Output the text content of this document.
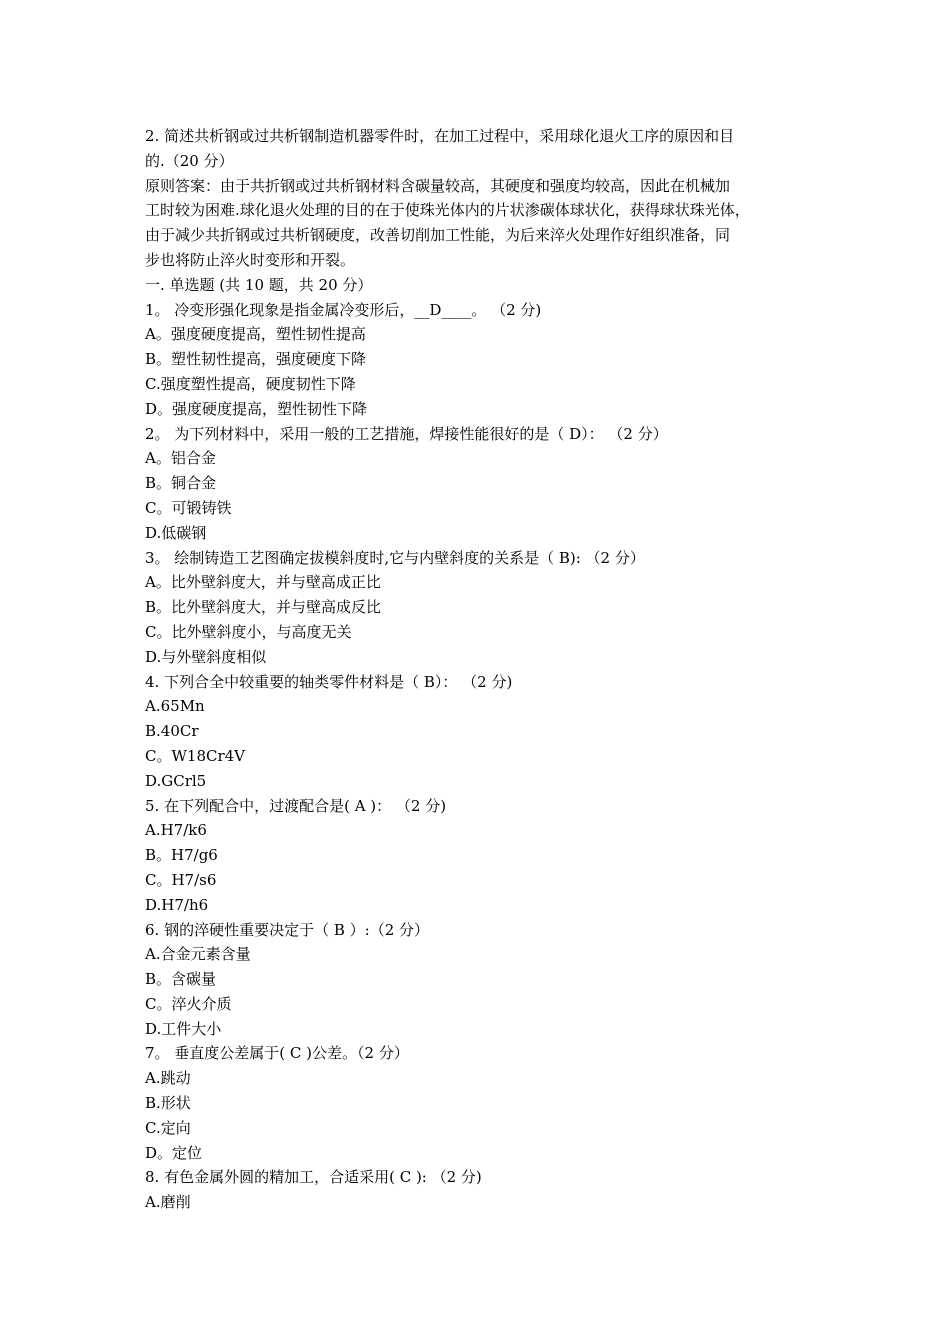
2. 简述共析钢或过共析钢制造机器零件时，在加工过程中，采用球化退火工序的原因和目
的.（20 分）
原则答案：由于共折钢或过共析钢材料含碳量较高，其硬度和强度均较高，因此在机械加
工时较为困难.球化退火处理的目的在于使珠光体内的片状渗碳体球状化，获得球状珠光体，
由于减少共折钢或过共析钢硬度，改善切削加工性能，为后来淬火处理作好组织准备，同
步也将防止淬火时变形和开裂。
一. 单选题 (共 10 题，共 20 分）
1。 冷变形强化现象是指金属冷变形后，__D____。 （2 分)
A。强度硬度提高，塑性韧性提高
B。塑性韧性提高，强度硬度下降
C.强度塑性提高，硬度韧性下降
D。强度硬度提高，塑性韧性下降
2。 为下列材料中，采用一般的工艺措施，焊接性能很好的是（ D）： （2 分）
A。铝合金
B。铜合金
C。可锻铸铁
D.低碳钢
3。 绘制铸造工艺图确定拔模斜度时,它与内壁斜度的关系是（ B): （2 分）
A。比外壁斜度大，并与壁高成正比
B。比外壁斜度大，并与壁高成反比
C。比外壁斜度小，与高度无关
D.与外壁斜度相似
4. 下列合全中较重要的轴类零件材料是（ B）： （2 分)
A.65Mn
B.40Cr
C。W18Cr4V
D.GCrl5
5. 在下列配合中，过渡配合是( A )： （2 分)
A.H7/k6
B。H7/g6
C。H7/s6
D.H7/h6
6. 钢的淬硬性重要决定于（ B ）:（2 分）
A.合金元素含量
B。含碳量
C。淬火介质
D.工件大小
7。 垂直度公差属于( C )公差。（2 分）
A.跳动
B.形状
C.定向
D。定位
8. 有色金属外圆的精加工，合适采用( C ): （2 分)
A.磨削
